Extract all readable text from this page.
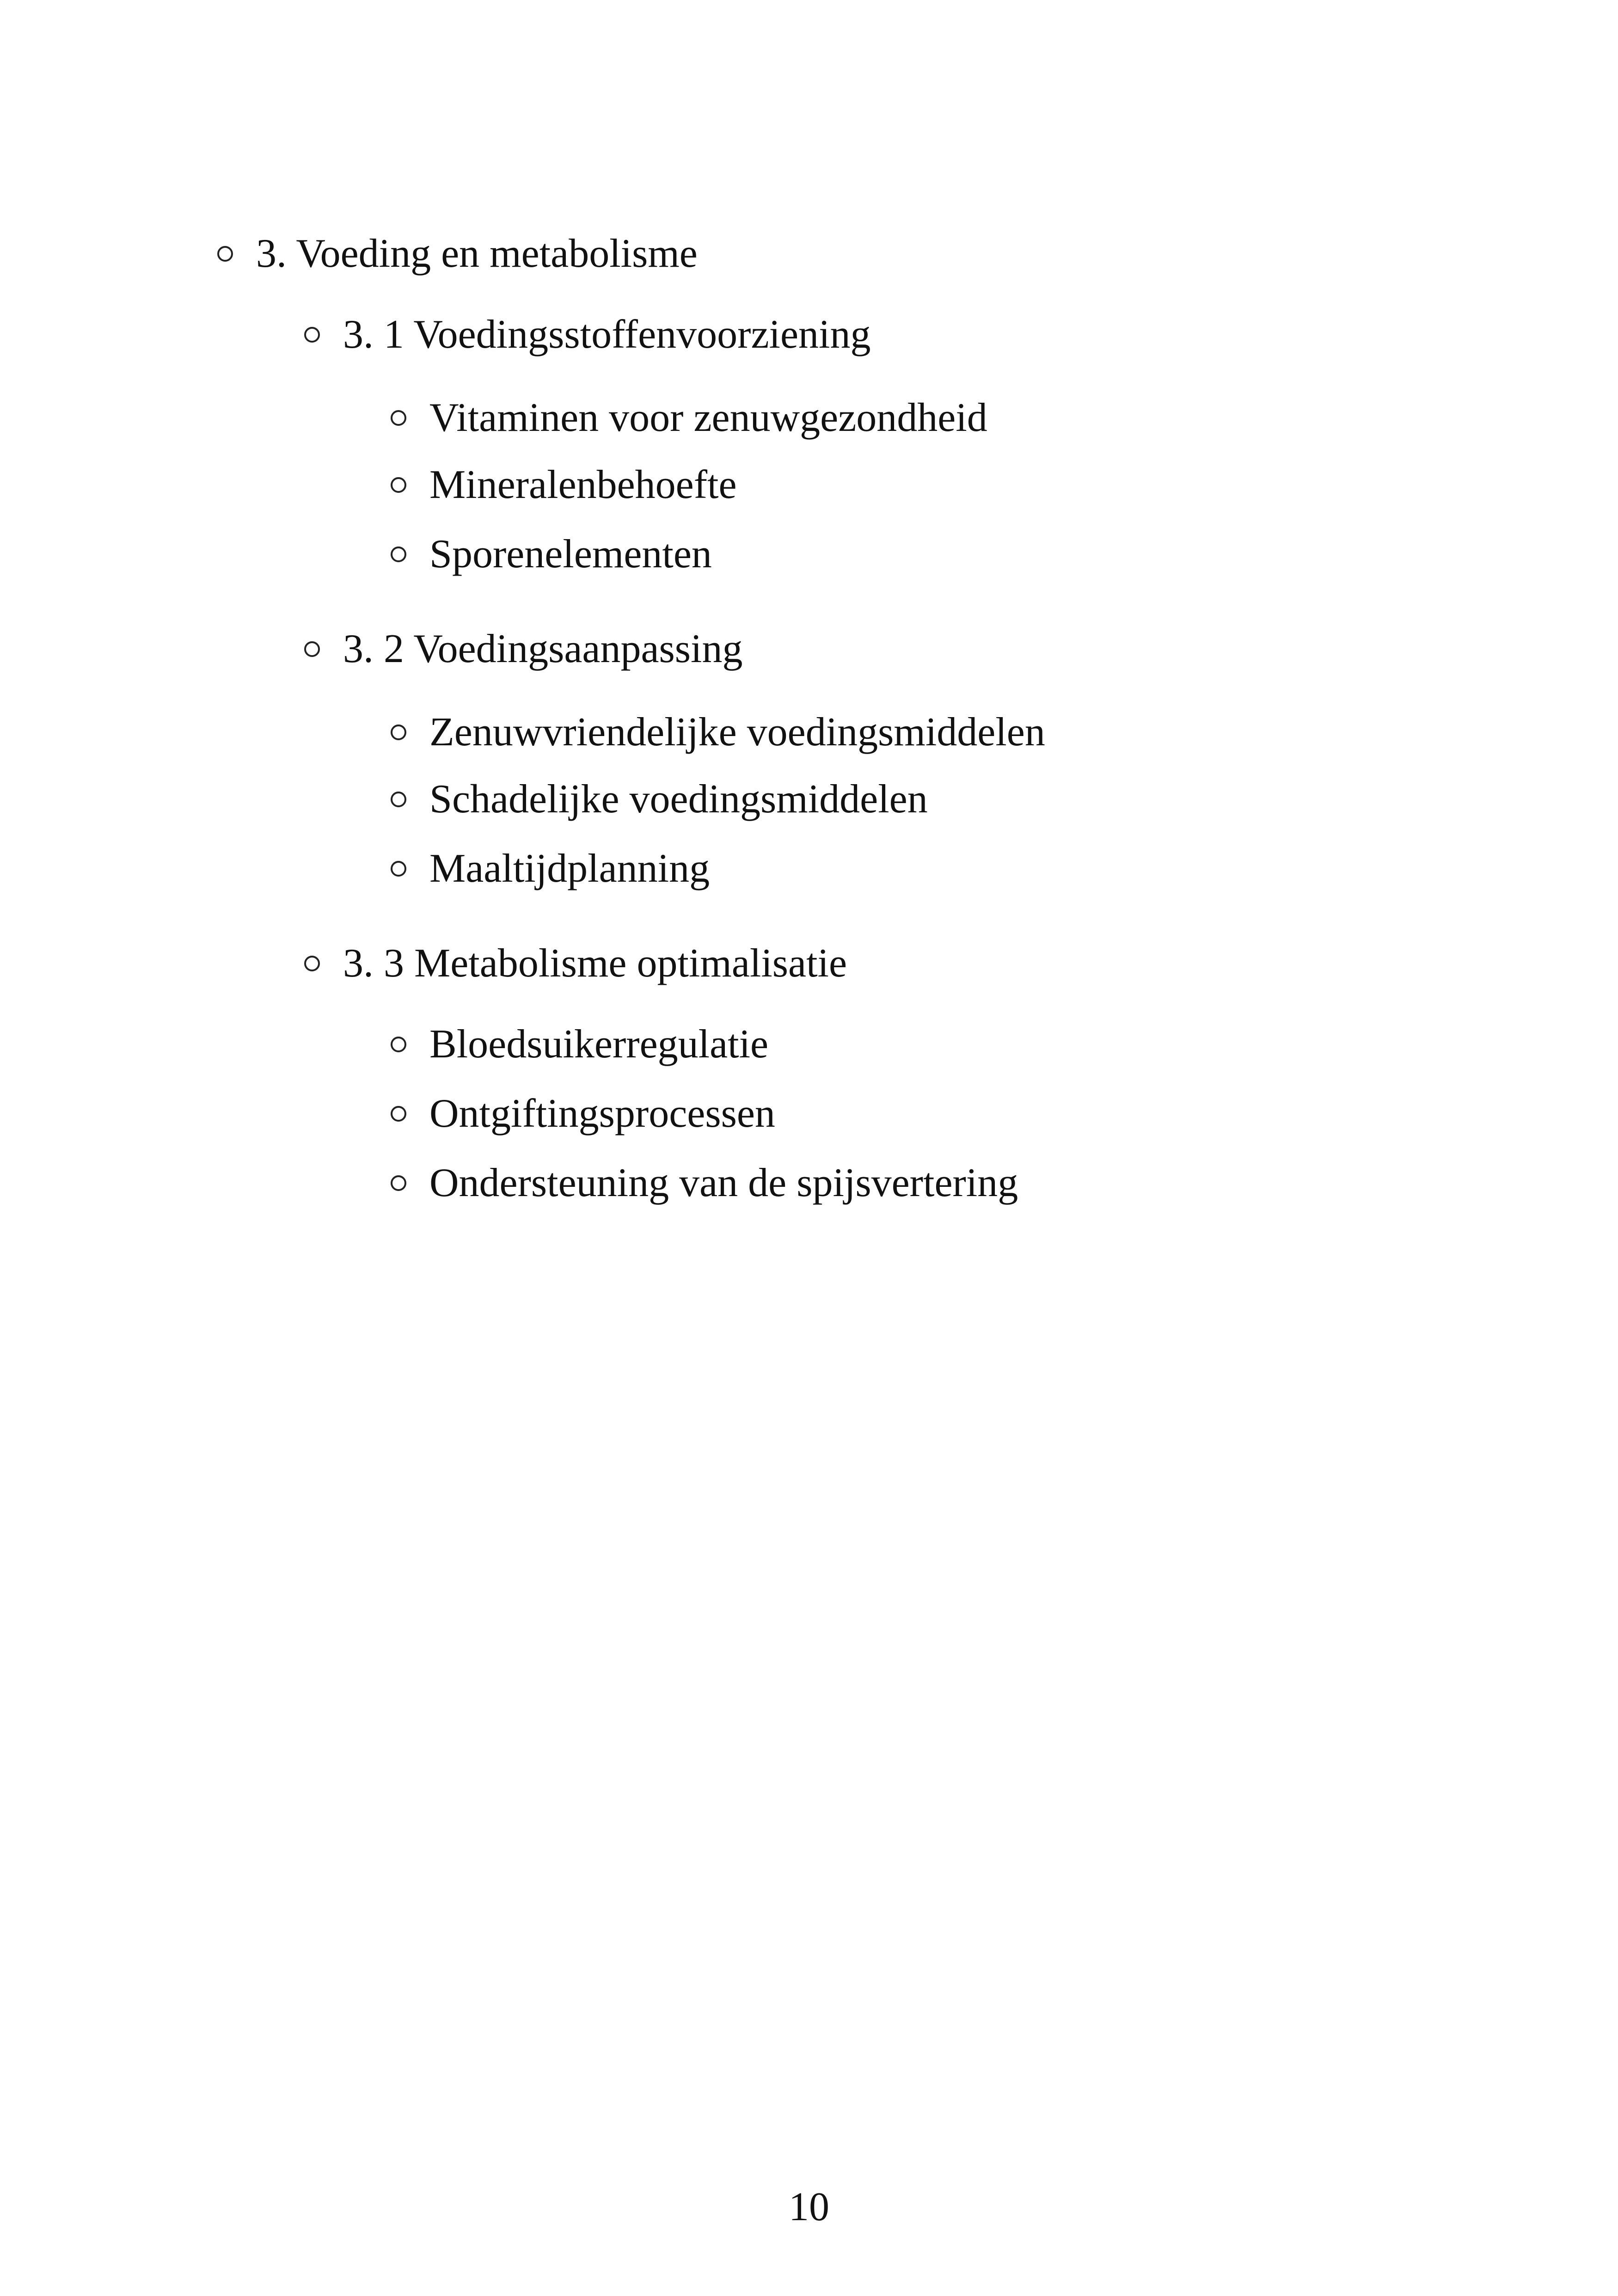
3. Voeding en metabolisme
3. 1 Voedingsstoffenvoorziening
Vitaminen voor zenuwgezondheid
Mineralenbehoefte
Sporenelementen
3. 2 Voedingsaanpassing
Zenuwvriendelijke voedingsmiddelen
Schadelijke voedingsmiddelen
Maaltijdplanning
3. 3 Metabolisme optimalisatie
Bloedsuikerregulatie
Ontgiftingsprocessen
Ondersteuning van de spijsvertering
10
